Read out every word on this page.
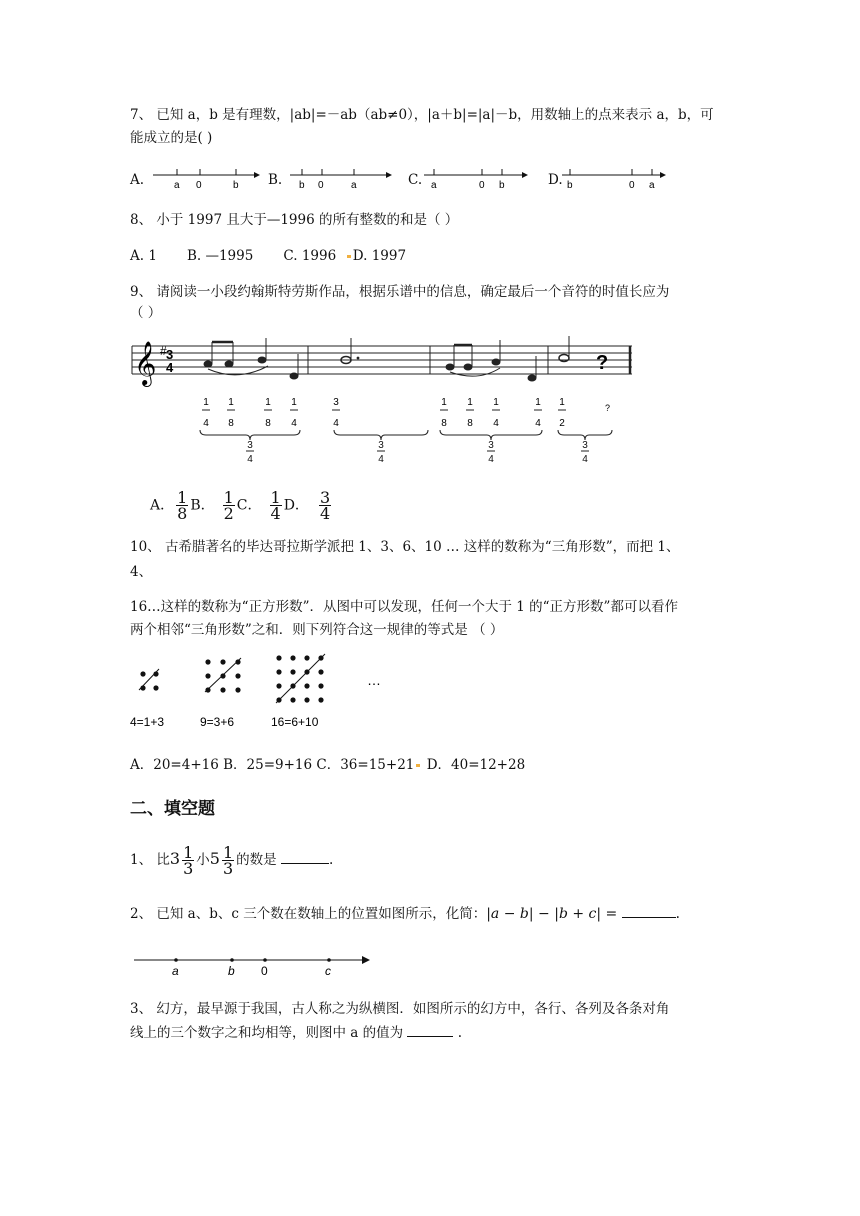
7、 已知 a，b 是有理数，|ab|=－ab（ab≠0），|a＋b|=|a|－b，用数轴上的点来表示 a，b，可
能成立的是( )
A.	a 0	b B. b 0	a	C. a	0 b	D. b	0 a
8、 小于 1997 且大于—1996 的所有整数的和是（ ）
A. 1 B. —1995 C. 1996 D. 1997
9、 请阅读一小段约翰斯特劳斯作品，根据乐谱中的信息，确定最后一个音符的时值长应为
（ ）
𝄞 # 3
4	?
?
1
4
1
8
1
8
1
4
3
4
1
8
1
8
1
4
1
4
1
2
3
4
3
4
3
4
3
4
A． $\frac{1}{8}$ B． $\frac{1}{2}$ C． $\frac{1}{4}$ D． $\frac{3}{4}$
10、 古希腊著名的毕达哥拉斯学派把 1、3、6、10 … 这样的数称为“三角形数”，而把 1、
4、
16…这样的数称为“正方形数”．从图中可以发现，任何一个大于 1 的“正方形数”都可以看作
两个相邻“三角形数”之和．则下列符合这一规律的等式是 （ ）
…
4=1+3	9=3+6	16=6+10
A．20=4+16 B．25=9+16 C．36=15+21 D．40=12+28
二、填空题
1、 比$3 \frac{1}{3}$ 小$5 \frac{1}{3}$ 的数是	.
2、 已知 a、b、c 三个数在数轴上的位置如图所示，化简：|a − b| − |b + c| =	.
a	b 0	c
3、 幻方，最早源于我国，古人称之为纵横图．如图所示的幻方中，各行、各列及各条对角
线上的三个数字之和均相等，则图中 a 的值为	.
